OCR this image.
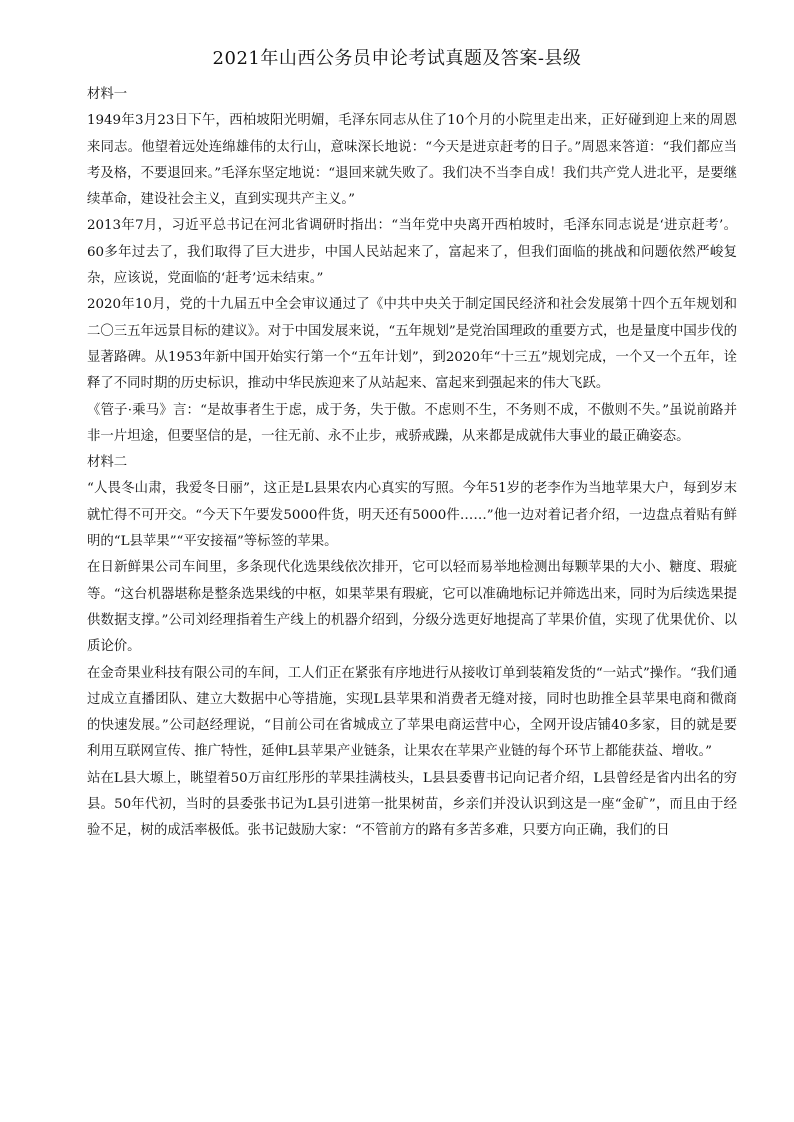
2021年山西公务员申论考试真题及答案-县级

材料一

1949年3月23日下午，西柏坡阳光明媚，毛泽东同志从住了10个月的小院里走出来，正好碰到迎上来的周恩来同志。他望着远处连绵雄伟的太行山，意味深长地说：“今天是进京赶考的日子。”周恩来答道：“我们都应当考及格，不要退回来。”毛泽东坚定地说：“退回来就失败了。我们决不当李自成！我们共产党人进北平，是要继续革命，建设社会主义，直到实现共产主义。”

2013年7月，习近平总书记在河北省调研时指出：“当年党中央离开西柏坡时，毛泽东同志说是‘进京赶考’。60多年过去了，我们取得了巨大进步，中国人民站起来了，富起来了，但我们面临的挑战和问题依然严峻复杂，应该说，党面临的‘赶考’远未结束。”

2020年10月，党的十九届五中全会审议通过了《中共中央关于制定国民经济和社会发展第十四个五年规划和二〇三五年远景目标的建议》。对于中国发展来说，“五年规划”是党治国理政的重要方式，也是量度中国步伐的显著路碑。从1953年新中国开始实行第一个“五年计划”，到2020年“十三五”规划完成，一个又一个五年，诠释了不同时期的历史标识，推动中华民族迎来了从站起来、富起来到强起来的伟大飞跃。

《管子·乘马》言：“是故事者生于虑，成于务，失于傲。不虑则不生，不务则不成，不傲则不失。”虽说前路并非一片坦途，但要坚信的是，一往无前、永不止步，戒骄戒躁，从来都是成就伟大事业的最正确姿态。

材料二

“人畏冬山肃，我爱冬日丽”，这正是L县果农内心真实的写照。今年51岁的老李作为当地苹果大户，每到岁末就忙得不可开交。“今天下午要发5000件货，明天还有5000件……”他一边对着记者介绍，一边盘点着贴有鲜明的“L县苹果”“平安接福”等标签的苹果。

在日新鲜果公司车间里，多条现代化选果线依次排开，它可以轻而易举地检测出每颗苹果的大小、糖度、瑕疵等。“这台机器堪称是整条选果线的中枢，如果苹果有瑕疵，它可以准确地标记并筛选出来，同时为后续选果提供数据支撑。”公司刘经理指着生产线上的机器介绍到，分级分选更好地提高了苹果价值，实现了优果优价、以质论价。

在金奇果业科技有限公司的车间，工人们正在紧张有序地进行从接收订单到装箱发货的“一站式”操作。“我们通过成立直播团队、建立大数据中心等措施，实现L县苹果和消费者无缝对接，同时也助推全县苹果电商和微商的快速发展。”公司赵经理说，“目前公司在省城成立了苹果电商运营中心，全网开设店铺40多家，目的就是要利用互联网宣传、推广特性，延伸L县苹果产业链条，让果农在苹果产业链的每个环节上都能获益、增收。”

站在L县大塬上，眺望着50万亩红彤彤的苹果挂满枝头，L县县委曹书记向记者介绍，L县曾经是省内出名的穷县。50年代初，当时的县委张书记为L县引进第一批果树苗，乡亲们并没认识到这是一座“金矿”，而且由于经验不足，树的成活率极低。张书记鼓励大家：“不管前方的路有多苦多难，只要方向正确，我们的日
